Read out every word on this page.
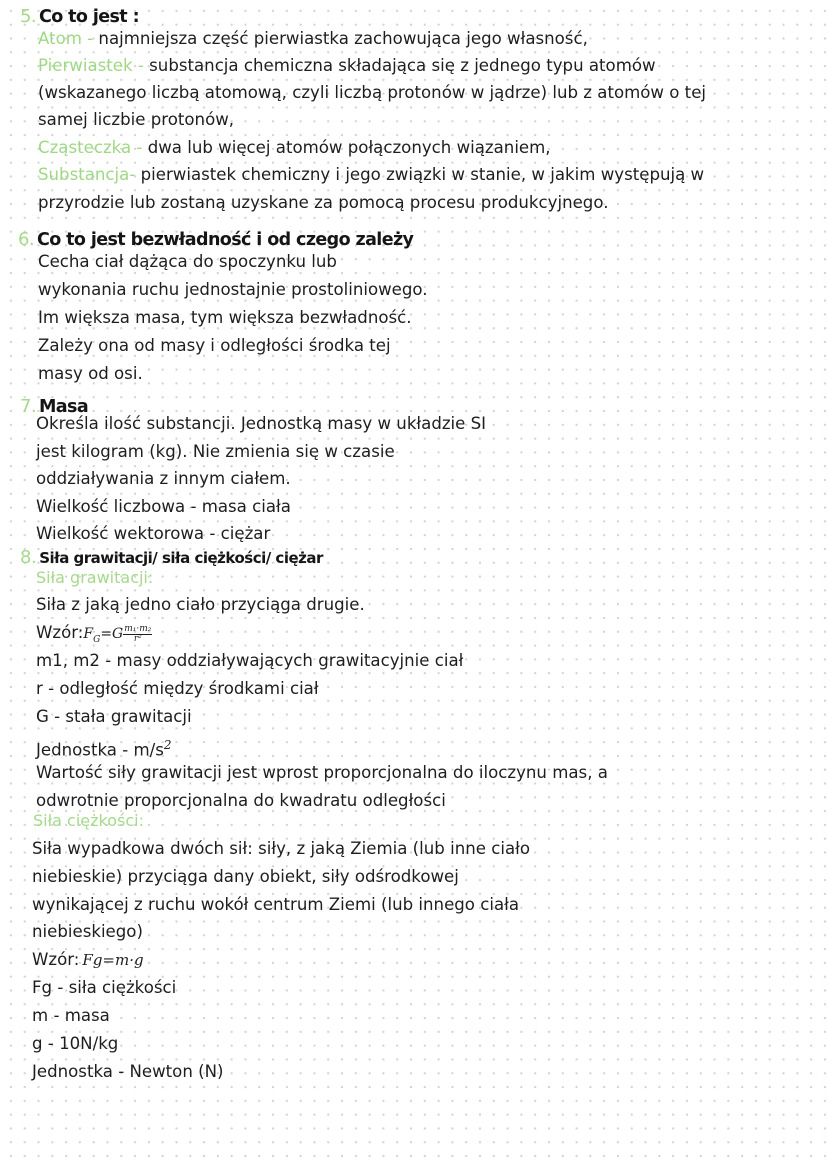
5. Co to jest :
Atom - najmniejsza część pierwiastka zachowująca jego własność,
Pierwiastek - substancja chemiczna składająca się z jednego typu atomów
(wskazanego liczbą atomową, czyli liczbą protonów w jądrze) lub z atomów o tej
samej liczbie protonów,
Cząsteczka - dwa lub więcej atomów połączonych wiązaniem,
Substancja- pierwiastek chemiczny i jego związki w stanie, w jakim występują w
przyrodzie lub zostaną uzyskane za pomocą procesu produkcyjnego.
6. Co to jest bezwładność i od czego zależy
Cecha ciał dążąca do spoczynku lub
wykonania ruchu jednostajnie prostoliniowego.
Im większa masa, tym większa bezwładność.
Zależy ona od masy i odległości środka tej
masy od osi.
7. Masa
Określa ilość substancji. Jednostką masy w układzie SI
jest kilogram (kg). Nie zmienia się w czasie
oddziaływania z innym ciałem.
Wielkość liczbowa - masa ciała
Wielkość wektorowa - ciężar
8. Siła grawitacji/ siła ciężkości/ ciężar
Siła grawitacji:
Siła z jaką jedno ciało przyciąga drugie.
$Wzór:F_G=G \frac{\text{m₁·m₂}}{\text{r²}}$
m1, m2 - masy oddziaływających grawitacyjnie ciał
r - odległość między środkami ciał
G - stała grawitacji
Jednostka - $m/s^2$
Wartość siły grawitacji jest wprost proporcjonalna do iloczynu mas, a
odwrotnie proporcjonalna do kwadratu odległości
Siła ciężkości:
Siła wypadkowa dwóch sił: siły, z jaką Ziemia (lub inne ciało
niebieskie) przyciąga dany obiekt, siły odśrodkowej
wynikającej z ruchu wokół centrum Ziemi (lub innego ciała
niebieskiego)
Wzór: Fg=m·g
Fg - siła ciężkości
m - masa
g - 10N/kg
Jednostka - Newton (N)
